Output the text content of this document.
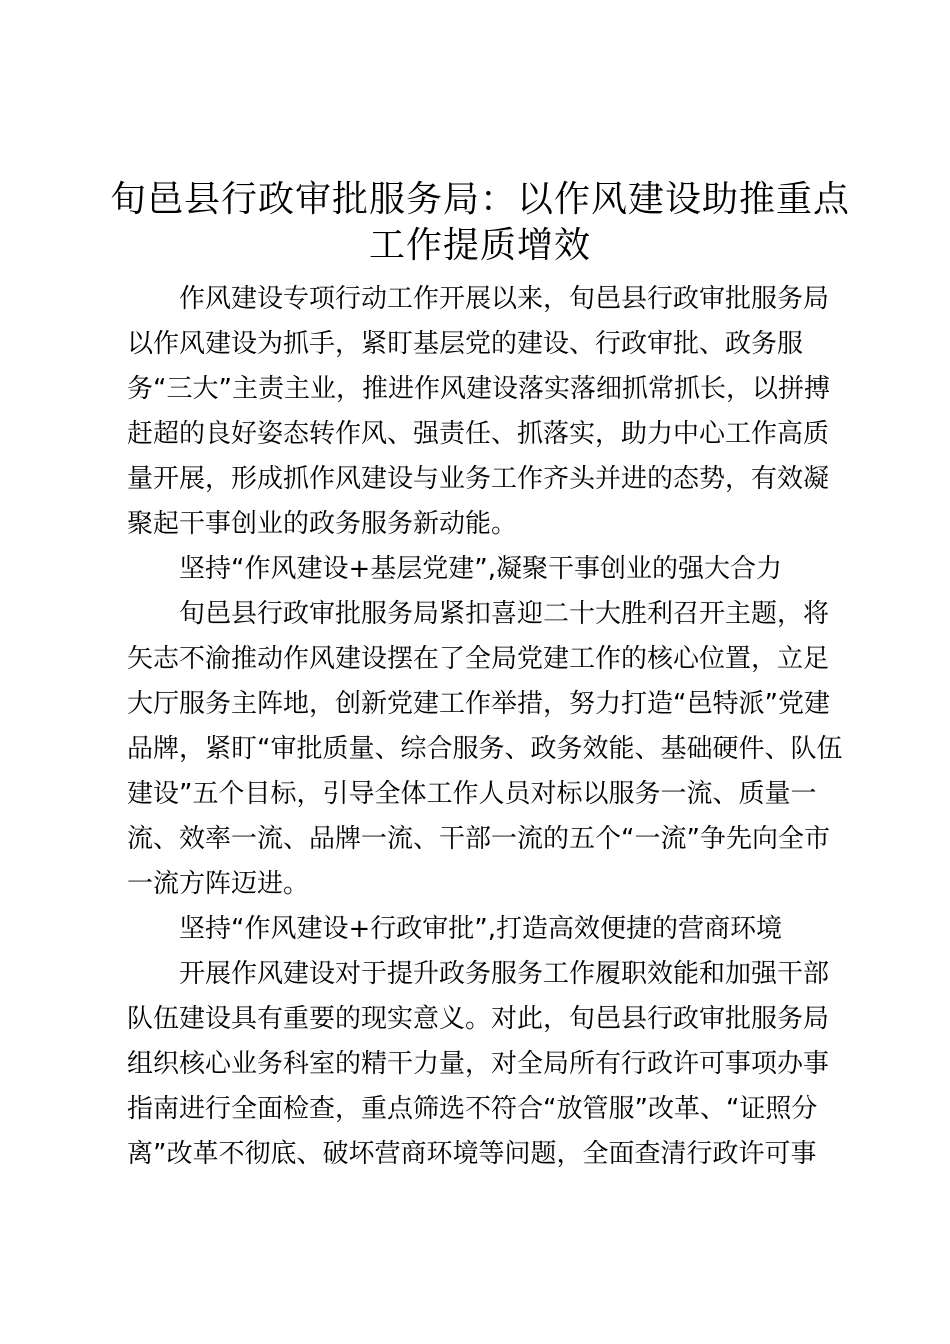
旬邑县行政审批服务局：以作风建设助推重点
工作提质增效
作风建设专项行动工作开展以来，旬邑县行政审批服务局
以作风建设为抓手，紧盯基层党的建设、行政审批、政务服
务“三大”主责主业，推进作风建设落实落细抓常抓长，以拼搏
赶超的良好姿态转作风、强责任、抓落实，助力中心工作高质
量开展，形成抓作风建设与业务工作齐头并进的态势，有效凝
聚起干事创业的政务服务新动能。
坚持“作风建设+基层党建”,凝聚干事创业的强大合力
旬邑县行政审批服务局紧扣喜迎二十大胜利召开主题，将
矢志不渝推动作风建设摆在了全局党建工作的核心位置，立足
大厅服务主阵地，创新党建工作举措，努力打造“邑特派”党建
品牌，紧盯“审批质量、综合服务、政务效能、基础硬件、队伍
建设”五个目标，引导全体工作人员对标以服务一流、质量一
流、效率一流、品牌一流、干部一流的五个“一流”争先向全市
一流方阵迈进。
坚持“作风建设+行政审批”,打造高效便捷的营商环境
开展作风建设对于提升政务服务工作履职效能和加强干部
队伍建设具有重要的现实意义。对此，旬邑县行政审批服务局
组织核心业务科室的精干力量，对全局所有行政许可事项办事
指南进行全面检查，重点筛选不符合“放管服”改革、“证照分
离”改革不彻底、破坏营商环境等问题，全面查清行政许可事
